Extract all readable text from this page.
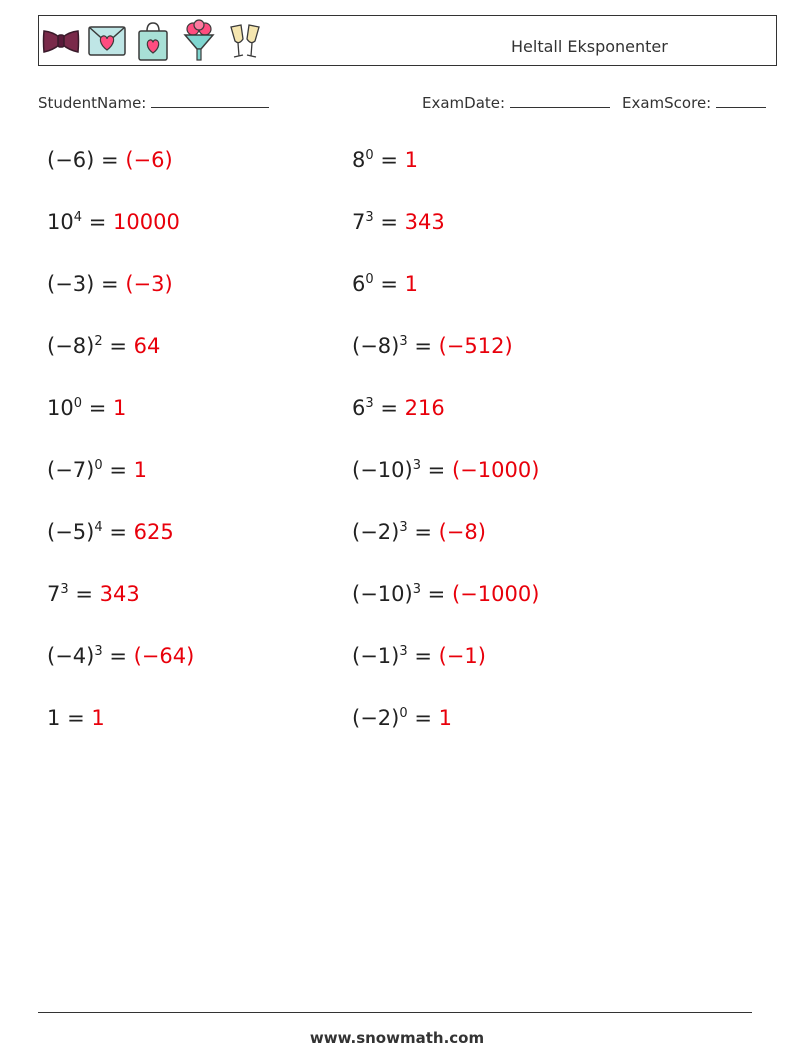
Heltall Eksponenter
StudentName:	ExamDate:	ExamScore:
(−6) = (−6)	$8^0 = 1$
$10^4 = 10000$	$7^3 = 343$
(−3) = (−3)	$6^0 = 1$
$(-8)^2 = 64$	$(-8)^3 = (-512)$
$10^0 = 1$	$6^3 = 216$
$(-7)^0 = 1$	$(-10)^3 = (-1000)$
$(-5)^4 = 625$	$(-2)^3 = (-8)$
$7^3 = 343$	$(-10)^3 = (-1000)$
$(-4)^3 = (-64)$	$(-1)^3 = (-1)$
1 = 1	$(-2)^0 = 1$
www.snowmath.com
